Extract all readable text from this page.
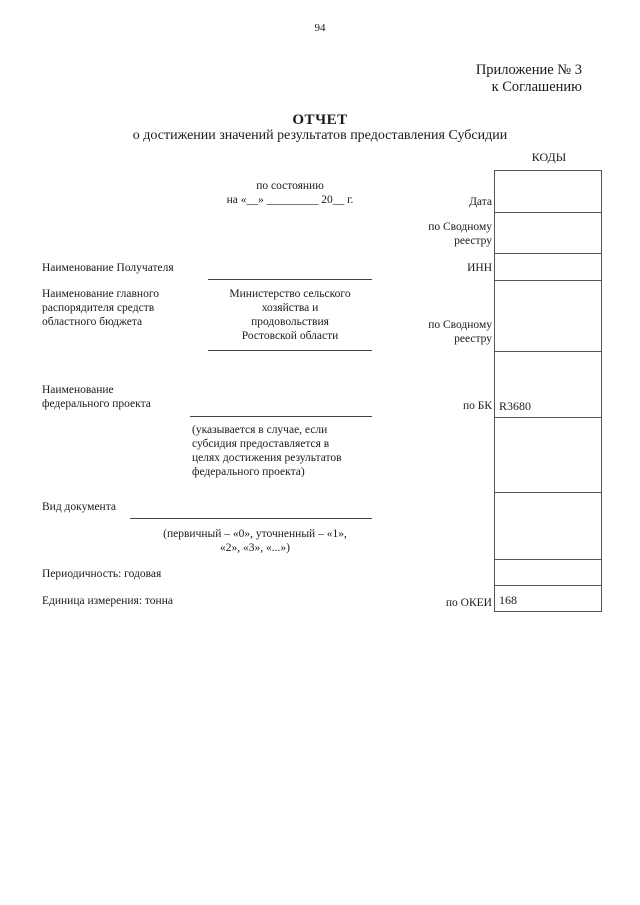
94
Приложение № 3
к Соглашению
ОТЧЕТ
о достижении значений результатов предоставления Субсидии
КОДЫ
R3680
168
по состоянию
на «__» _________ 20__ г.	Дата
по Сводному
реестру
ИНН
по Сводному
реестру
по БК
по ОКЕИ
Наименование Получателя
Наименование главного
распорядителя средств
областного бюджета
Министерство сельского
хозяйства и
продовольствия
Ростовской области
Наименование
федерального проекта
(указывается в случае, если
субсидия предоставляется в
целях достижения результатов
федерального проекта)
Вид документа
(первичный – «0», уточненный – «1»,
«2», «3», «...»)
Периодичность: годовая
Единица измерения: тонна
